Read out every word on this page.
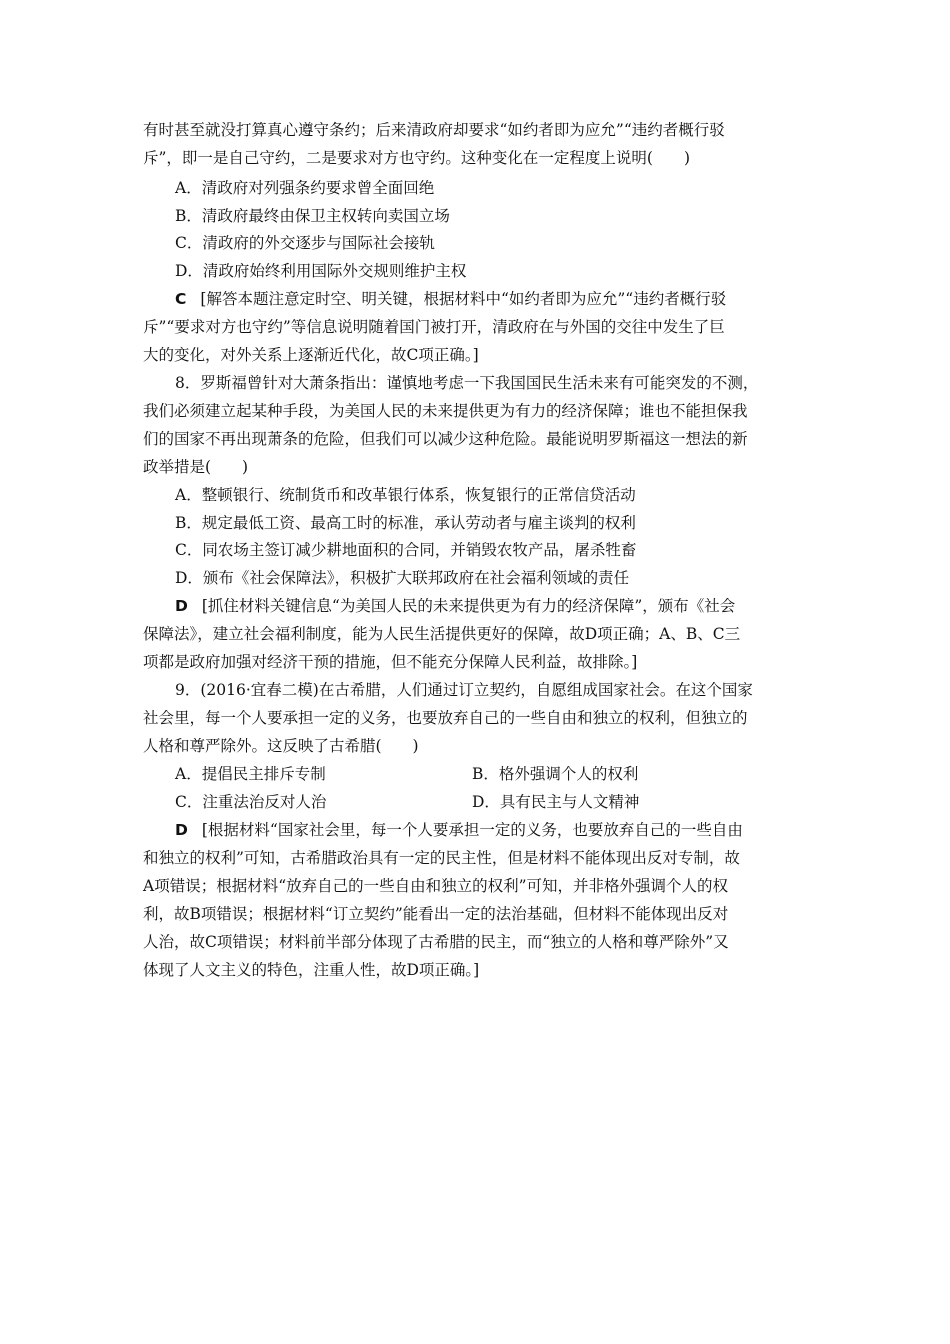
有时甚至就没打算真心遵守条约；后来清政府却要求“如约者即为应允”“违约者概行驳
斥”，即一是自己守约，二是要求对方也守约。这种变化在一定程度上说明(　　)
A．清政府对列强条约要求曾全面回绝
B．清政府最终由保卫主权转向卖国立场
C．清政府的外交逐步与国际社会接轨
D．清政府始终利用国际外交规则维护主权
C [解答本题注意定时空、明关键，根据材料中“如约者即为应允”“违约者概行驳
斥”“要求对方也守约”等信息说明随着国门被打开，清政府在与外国的交往中发生了巨
大的变化，对外关系上逐渐近代化，故C项正确。]
8．罗斯福曾针对大萧条指出：谨慎地考虑一下我国国民生活未来有可能突发的不测，
我们必须建立起某种手段，为美国人民的未来提供更为有力的经济保障；谁也不能担保我
们的国家不再出现萧条的危险，但我们可以减少这种危险。最能说明罗斯福这一想法的新
政举措是(　　)
A．整顿银行、统制货币和改革银行体系，恢复银行的正常信贷活动
B．规定最低工资、最高工时的标准，承认劳动者与雇主谈判的权利
C．同农场主签订减少耕地面积的合同，并销毁农牧产品，屠杀牲畜
D．颁布《社会保障法》，积极扩大联邦政府在社会福利领域的责任
D [抓住材料关键信息“为美国人民的未来提供更为有力的经济保障”，颁布《社会
保障法》，建立社会福利制度，能为人民生活提供更好的保障，故D项正确；A、B、C三
项都是政府加强对经济干预的措施，但不能充分保障人民利益，故排除。]
9．(2016·宜春二模)在古希腊，人们通过订立契约，自愿组成国家社会。在这个国家
社会里，每一个人要承担一定的义务，也要放弃自己的一些自由和独立的权利，但独立的
人格和尊严除外。这反映了古希腊(　　)
A．提倡民主排斥专制	B．格外强调个人的权利
C．注重法治反对人治	D．具有民主与人文精神
D [根据材料“国家社会里，每一个人要承担一定的义务，也要放弃自己的一些自由
和独立的权利”可知，古希腊政治具有一定的民主性，但是材料不能体现出反对专制，故
A项错误；根据材料“放弃自己的一些自由和独立的权利”可知，并非格外强调个人的权
利，故B项错误；根据材料“订立契约”能看出一定的法治基础，但材料不能体现出反对
人治，故C项错误；材料前半部分体现了古希腊的民主，而“独立的人格和尊严除外”又
体现了人文主义的特色，注重人性，故D项正确。]
